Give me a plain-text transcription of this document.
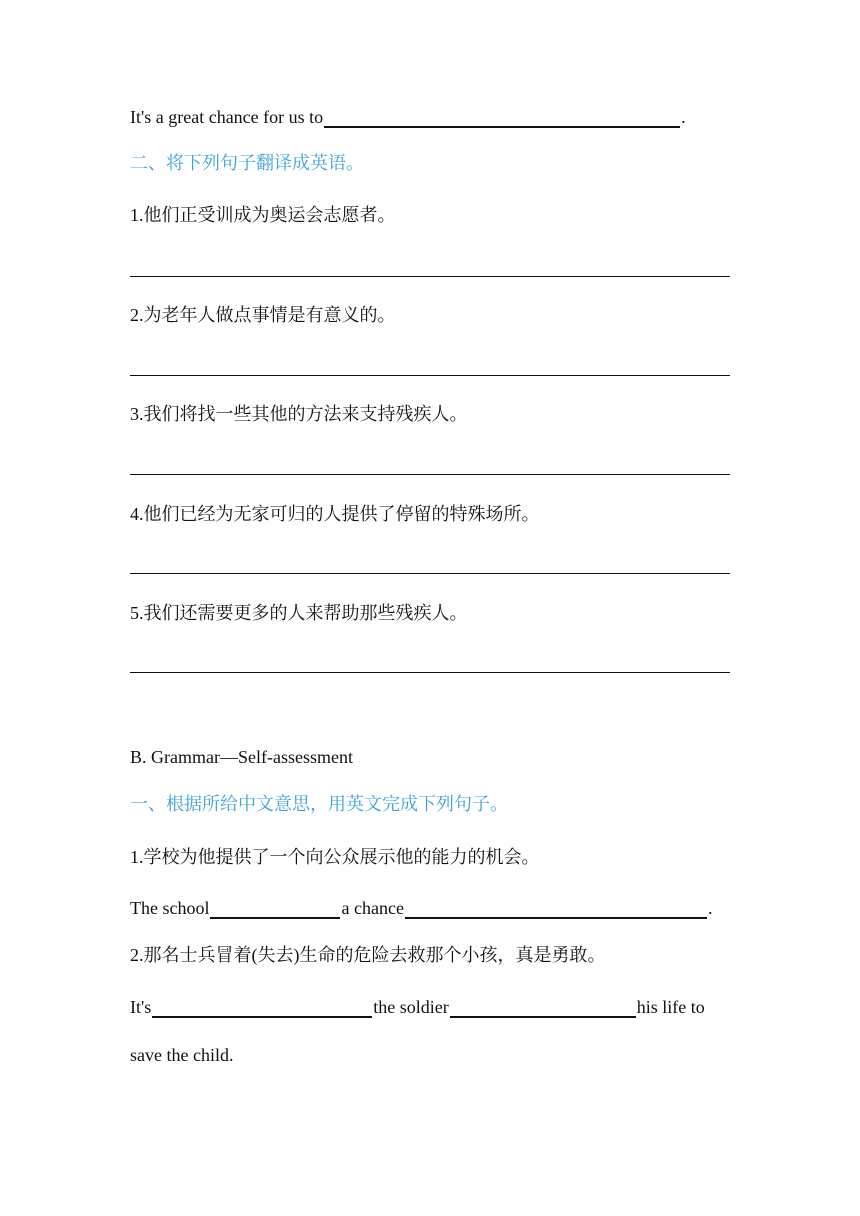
It's a great chance for us to	.
二、将下列句子翻译成英语。
1.他们正受训成为奥运会志愿者。
2.为老年人做点事情是有意义的。
3.我们将找一些其他的方法来支持残疾人。
4.他们已经为无家可归的人提供了停留的特殊场所。
5.我们还需要更多的人来帮助那些残疾人。
B. Grammar—Self-assessment
一、根据所给中文意思，用英文完成下列句子。
1.学校为他提供了一个向公众展示他的能力的机会。
The school	a chance	.
2.那名士兵冒着(失去)生命的危险去救那个小孩，真是勇敢。
It's	the soldier	his life to
save the child.
